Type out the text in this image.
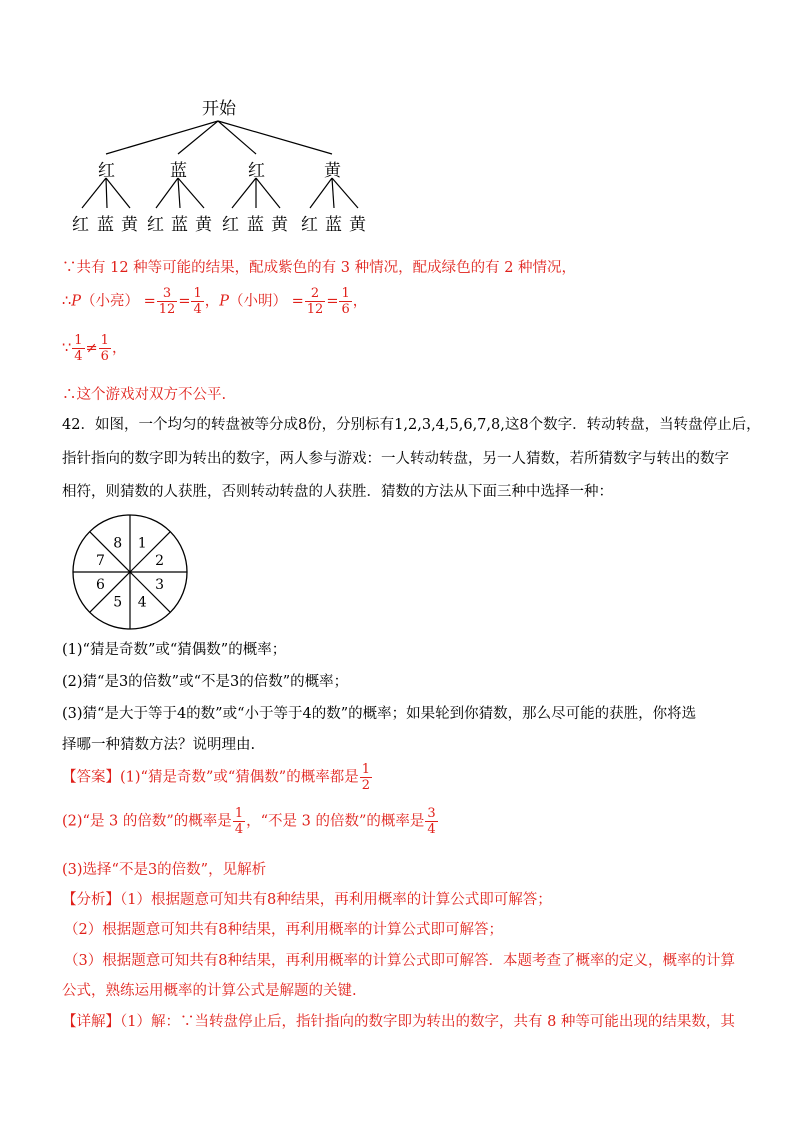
开始
红	蓝	红	黄
红 蓝 黄 红 蓝 黄 红 蓝 黄 红 蓝 黄
∵共有 12 种等可能的结果，配成紫色的有 3 种情况，配成绿色的有 2 种情况，
∴P（小亮） = $\frac{3}{12} = \frac{1}{4}$ ，P（小明） = $\frac{2}{12} = \frac{1}{6}$ ，
∵ $\frac{1}{4} \ne \frac{1}{6}$ ，
∴这个游戏对双方不公平.
42．如图，一个均匀的转盘被等分成8份，分别标有1,2,3,4,5,6,7,8,这8个数字．转动转盘，当转盘停止后，
指针指向的数字即为转出的数字，两人参与游戏：一人转动转盘，另一人猜数，若所猜数字与转出的数字
相符，则猜数的人获胜，否则转动转盘的人获胜．猜数的方法从下面三种中选择一种：
1
2
3
4
5
6
7
8
(1)“猜是奇数”或“猜偶数”的概率；
(2)猜“是3的倍数”或“不是3的倍数”的概率；
(3)猜“是大于等于4的数”或“小于等于4的数”的概率；如果轮到你猜数，那么尽可能的获胜，你将选
择哪一种猜数方法？说明理由.
【答案】(1)“猜是奇数”或“猜偶数”的概率都是 $\frac{1}{2}$
(2)“是 3 的倍数”的概率是 $\frac{1}{4}$ ，“不是 3 的倍数”的概率是 $\frac{3}{4}$
(3)选择“不是3的倍数”，见解析
【分析】（1）根据题意可知共有8种结果，再利用概率的计算公式即可解答；
（2）根据题意可知共有8种结果，再利用概率的计算公式即可解答；
（3）根据题意可知共有8种结果，再利用概率的计算公式即可解答．本题考查了概率的定义，概率的计算
公式，熟练运用概率的计算公式是解题的关键.
【详解】（1）解：∵当转盘停止后，指针指向的数字即为转出的数字，共有 8 种等可能出现的结果数，其
